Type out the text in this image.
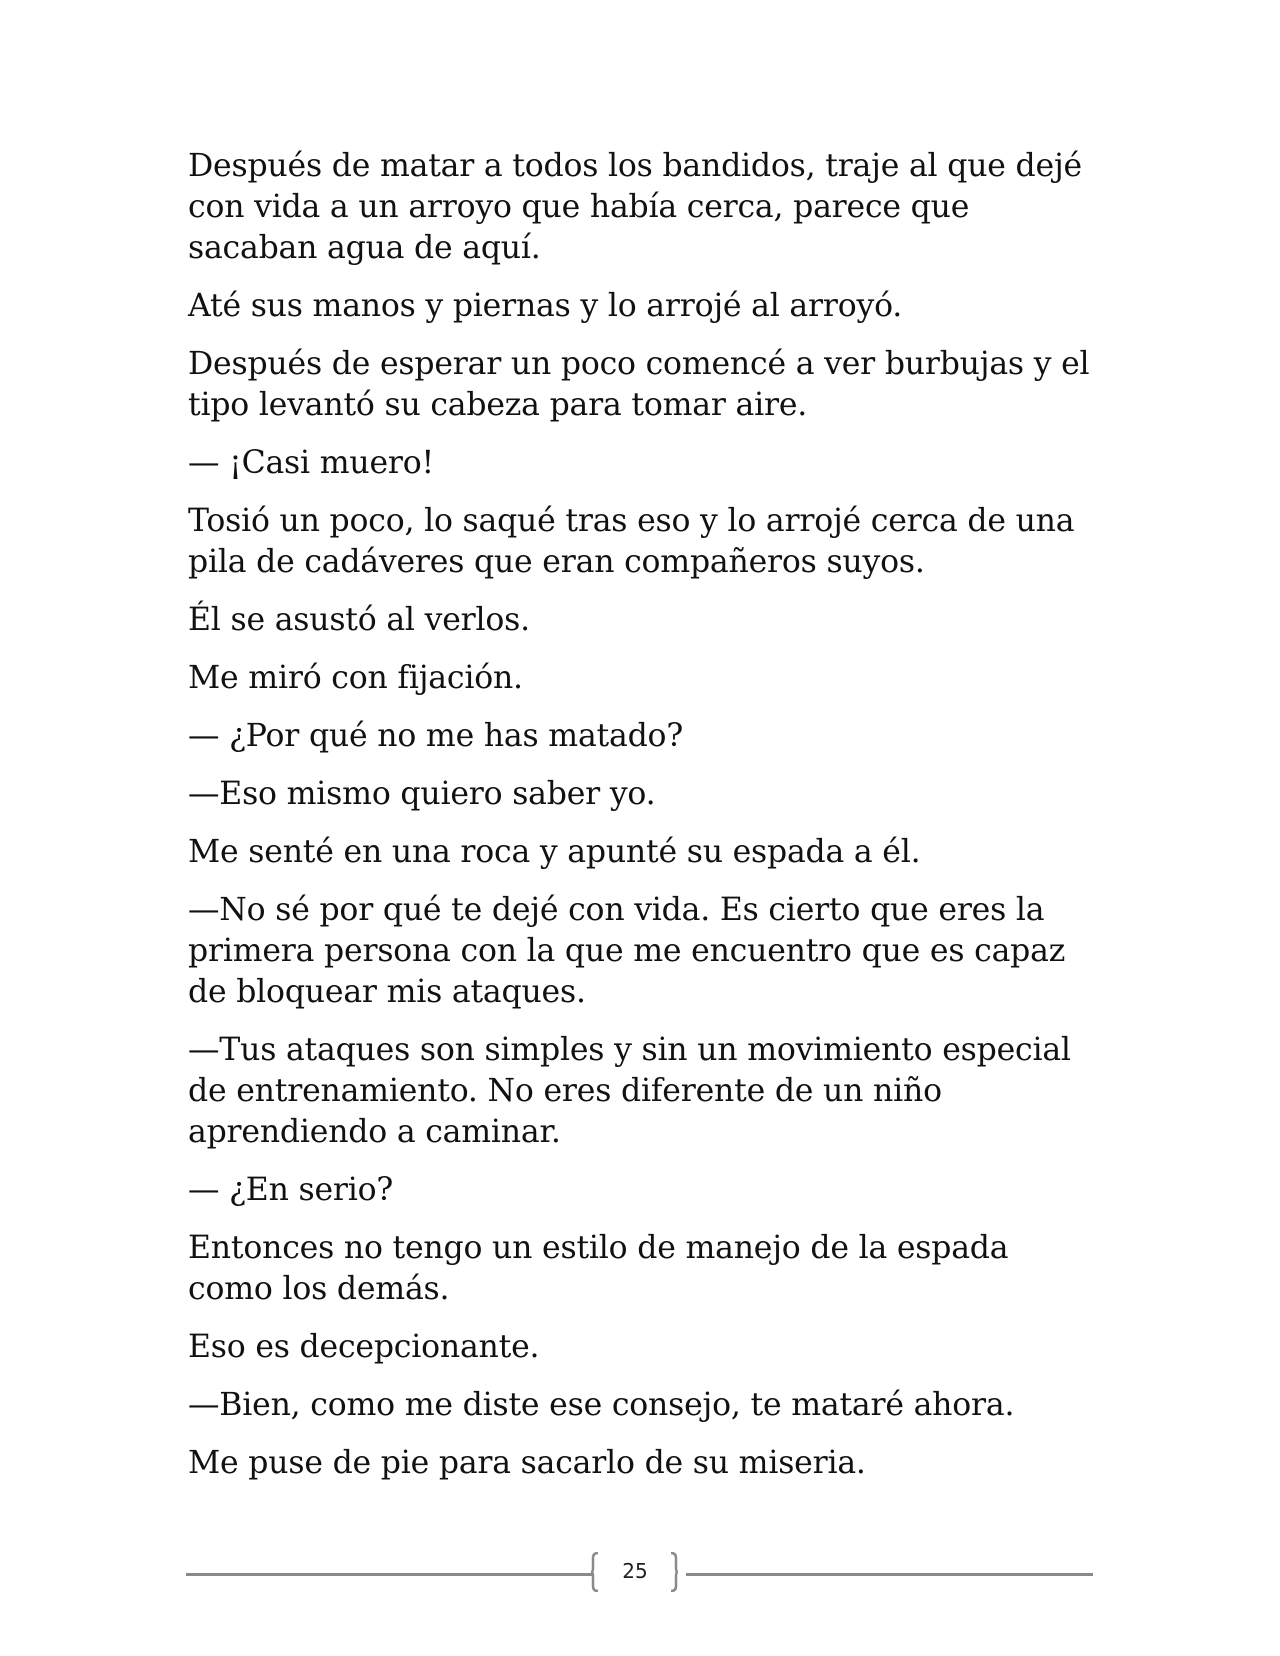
Después de matar a todos los bandidos, traje al que dejé con vida a un arroyo que había cerca, parece que sacaban agua de aquí.

Até sus manos y piernas y lo arrojé al arroyó.

Después de esperar un poco comencé a ver burbujas y el tipo levantó su cabeza para tomar aire.

— ¡Casi muero!

Tosió un poco, lo saqué tras eso y lo arrojé cerca de una pila de cadáveres que eran compañeros suyos.

Él se asustó al verlos.

Me miró con fijación.

— ¿Por qué no me has matado?

—Eso mismo quiero saber yo.

Me senté en una roca y apunté su espada a él.

—No sé por qué te dejé con vida. Es cierto que eres la primera persona con la que me encuentro que es capaz de bloquear mis ataques.

—Tus ataques son simples y sin un movimiento especial de entrenamiento. No eres diferente de un niño aprendiendo a caminar.

— ¿En serio?

Entonces no tengo un estilo de manejo de la espada como los demás.

Eso es decepcionante.

—Bien, como me diste ese consejo, te mataré ahora.

Me puse de pie para sacarlo de su miseria.

25
